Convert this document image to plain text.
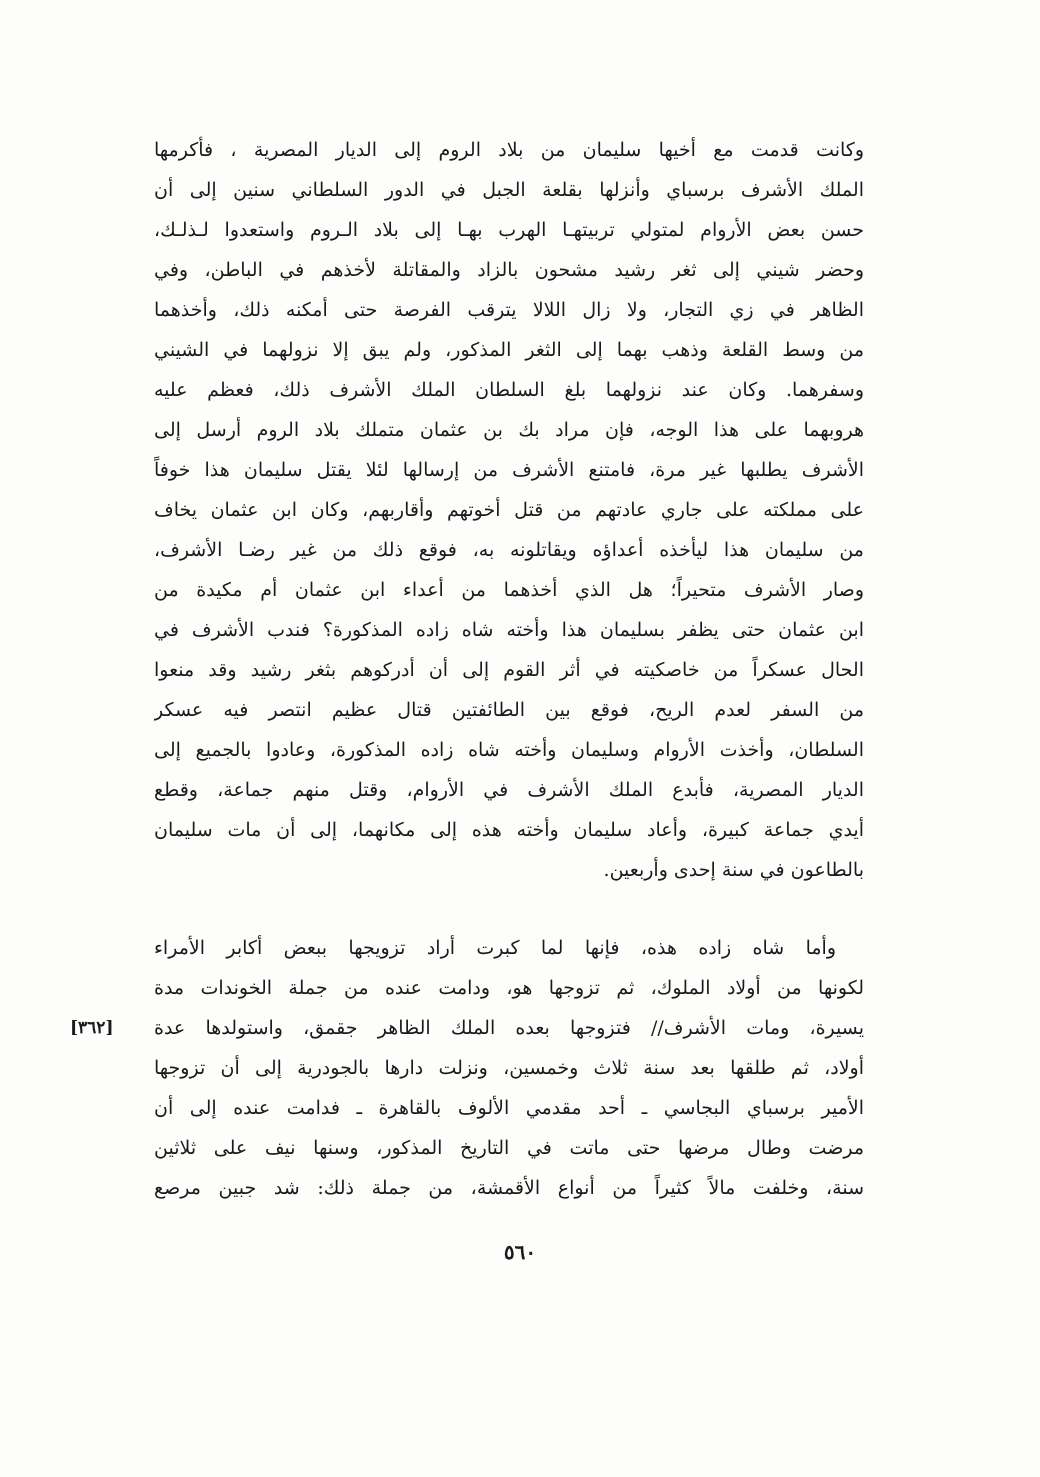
وكانت قدمت مع أخيها سليمان من بلاد الروم إلى الديار المصرية ، فأكرمها
الملك الأشرف برسباي وأنزلها بقلعة الجبل في الدور السلطاني سنين إلى أن
حسن بعض الأروام لمتولي تربيتهـا الهرب بهـا إلى بلاد الـروم واستعدوا لـذلـك،
وحضر شيني إلى ثغر رشيد مشحون بالزاد والمقاتلة لأخذهم في الباطن، وفي
الظاهر في زي التجار، ولا زال اللالا يترقب الفرصة حتى أمكنه ذلك، وأخذهما
من وسط القلعة وذهب بهما إلى الثغر المذكور، ولم يبق إلا نزولهما في الشيني
وسفرهما. وكان عند نزولهما بلغ السلطان الملك الأشرف ذلك، فعظم عليه
هروبهما على هذا الوجه، فإن مراد بك بن عثمان متملك بلاد الروم أرسل إلى
الأشرف يطلبها غير مرة، فامتنع الأشرف من إرسالها لئلا يقتل سليمان هذا خوفاً
على مملكته على جاري عادتهم من قتل أخوتهم وأقاربهم، وكان ابن عثمان يخاف
من سليمان هذا ليأخذه أعداؤه ويقاتلونه به، فوقع ذلك من غير رضـا الأشرف،
وصار الأشرف متحيراً؛ هل الذي أخذهما من أعداء ابن عثمان أم مكيدة من
ابن عثمان حتى يظفر بسليمان هذا وأخته شاه زاده المذكورة؟ فندب الأشرف في
الحال عسكراً من خاصكيته في أثر القوم إلى أن أدركوهم بثغر رشيد وقد منعوا
من السفر لعدم الريح، فوقع بين الطائفتين قتال عظيم انتصر فيه عسكر
السلطان، وأخذت الأروام وسليمان وأخته شاه زاده المذكورة، وعادوا بالجميع إلى
الديار المصرية، فأبدع الملك الأشرف في الأروام، وقتل منهم جماعة، وقطع
أيدي جماعة كبيرة، وأعاد سليمان وأخته هذه إلى مكانهما، إلى أن مات سليمان
بالطاعون في سنة إحدى وأربعين.
وأما شاه زاده هذه، فإنها لما كبرت أراد تزويجها ببعض أكابر الأمراء
لكونها من أولاد الملوك، ثم تزوجها هو، ودامت عنده من جملة الخوندات مدة
يسيرة، ومات الأشرف// فتزوجها بعده الملك الظاهر جقمق، واستولدها عدة
[٣٦٢]
أولاد، ثم طلقها بعد سنة ثلاث وخمسين، ونزلت دارها بالجودرية إلى أن تزوجها
الأمير برسباي البجاسي ـ أحد مقدمي الألوف بالقاهرة ـ فدامت عنده إلى أن
مرضت وطال مرضها حتى ماتت في التاريخ المذكور، وسنها نيف على ثلاثين
سنة، وخلفت مالاً كثيراً من أنواع الأقمشة، من جملة ذلك: شد جبين مرصع
٥٦٠
